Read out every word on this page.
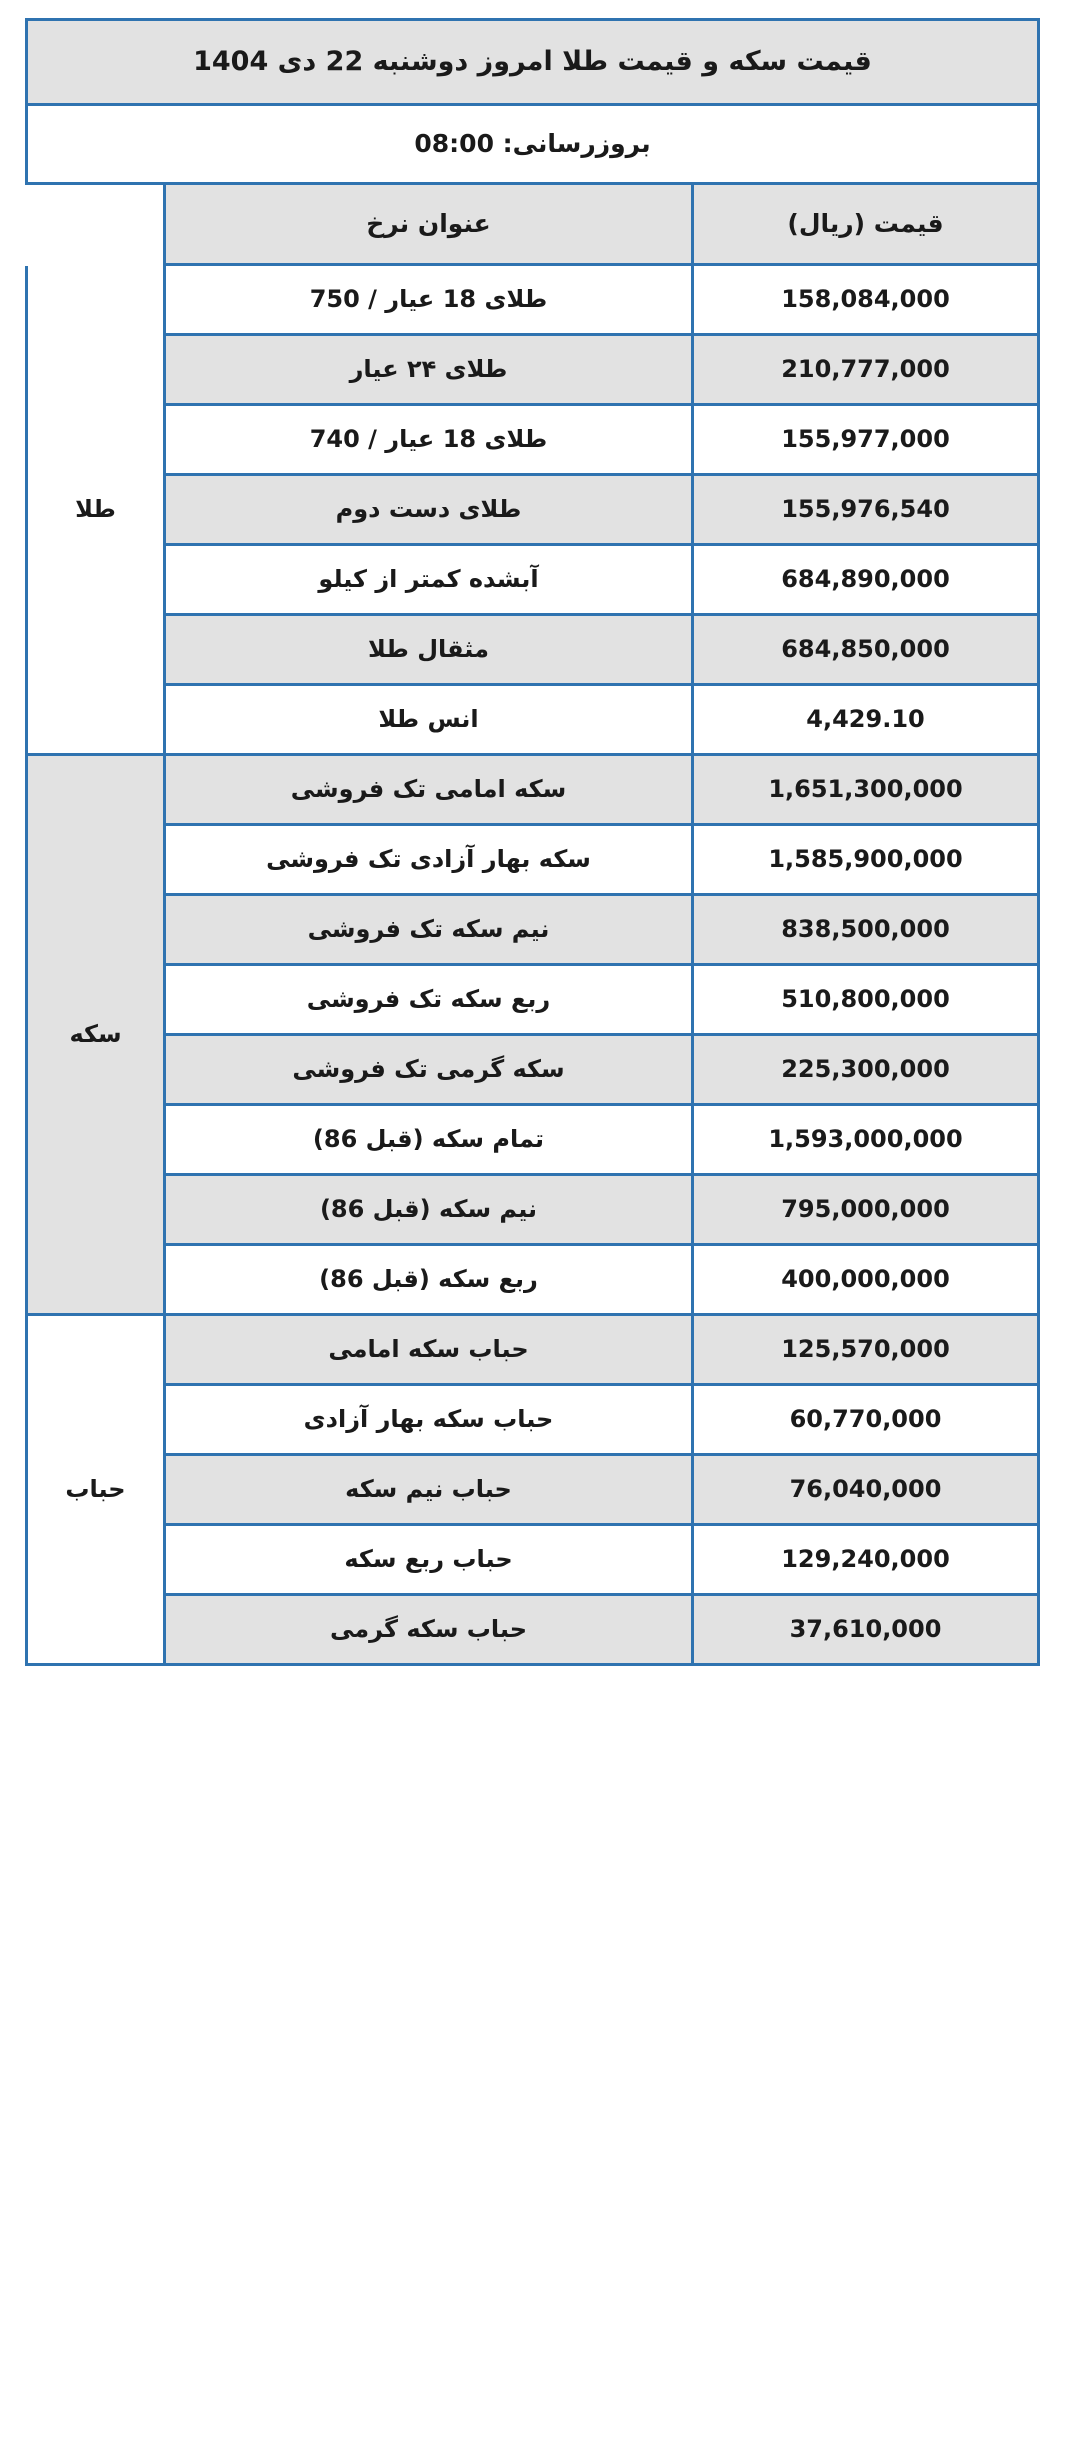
قیمت سکه و قیمت طلا امروز دوشنبه 22 دی 1404		
بروزرسانی: 08:00		
قیمت (ریال)	عنوان نرخ	
158,084,000	طلای 18 عیار / 750	طلا
210,777,000	طلای ۲۴ عیار	
155,977,000	طلای 18 عیار / 740	
155,976,540	طلای دست دوم	
684,890,000	آبشده کمتر از کیلو	
684,850,000	مثقال طلا	
4,429.10	انس طلا	
1,651,300,000	سکه امامی تک فروشی	سکه
1,585,900,000	سکه بهار آزادی تک فروشی	
838,500,000	نیم سکه تک فروشی	
510,800,000	ربع سکه تک فروشی	
225,300,000	سکه گرمی تک فروشی	
1,593,000,000	تمام سکه (قبل 86)	
795,000,000	نیم سکه (قبل 86)	
400,000,000	ربع سکه (قبل 86)	
125,570,000	حباب سکه امامی	حباب
60,770,000	حباب سکه بهار آزادی	
76,040,000	حباب نیم سکه	
129,240,000	حباب ربع سکه	
37,610,000	حباب سکه گرمی	
